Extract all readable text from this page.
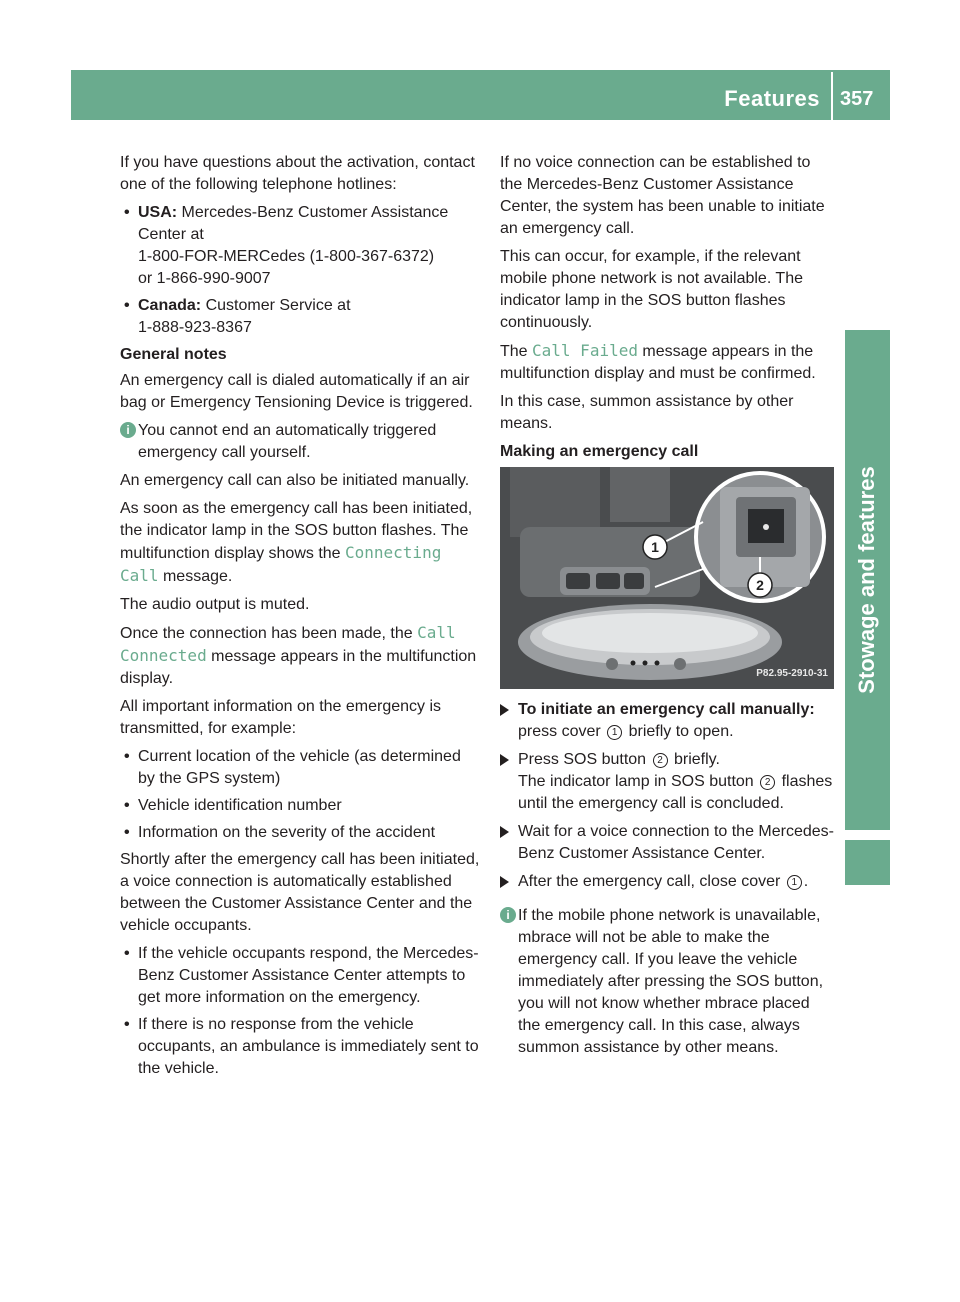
Features 357
Stowage and features

If you have questions about the activation, contact one of the following telephone hotlines:

• USA: Mercedes-Benz Customer Assistance Center at
1-800-FOR-MERCedes (1-800-367-6372)
or 1-866-990-9007
• Canada: Customer Service at
1-888-923-8367
General notes

An emergency call is dialed automatically if an air bag or Emergency Tensioning Device is triggered.

i You cannot end an automatically triggered emergency call yourself.

An emergency call can also be initiated manually.

As soon as the emergency call has been initiated, the indicator lamp in the SOS button flashes. The multifunction display shows the Connecting Call message.

The audio output is muted.

Once the connection has been made, the Call Connected message appears in the multifunction display.

All important information on the emergency is transmitted, for example:

• Current location of the vehicle (as determined by the GPS system)
• Vehicle identification number
• Information on the severity of the accident

Shortly after the emergency call has been initiated, a voice connection is automatically established between the Customer Assistance Center and the vehicle occupants.

• If the vehicle occupants respond, the Mercedes-Benz Customer Assistance Center attempts to get more information on the emergency.
• If there is no response from the vehicle occupants, an ambulance is immediately sent to the vehicle.

If no voice connection can be established to the Mercedes-Benz Customer Assistance Center, the system has been unable to initiate an emergency call.

This can occur, for example, if the relevant mobile phone network is not available. The indicator lamp in the SOS button flashes continuously.

The Call Failed message appears in the multifunction display and must be confirmed.

In this case, summon assistance by other means.

Making an emergency call
1
2
P82.95-2910-31
To initiate an emergency call manually: press cover 1 briefly to open.
Press SOS button 2 briefly.
The indicator lamp in SOS button 2 flashes until the emergency call is concluded.
Wait for a voice connection to the Mercedes-Benz Customer Assistance Center.
After the emergency call, close cover 1 .
i If the mobile phone network is unavailable, mbrace will not be able to make the emergency call. If you leave the vehicle immediately after pressing the SOS button, you will not know whether mbrace placed the emergency call. In this case, always summon assistance by other means.
